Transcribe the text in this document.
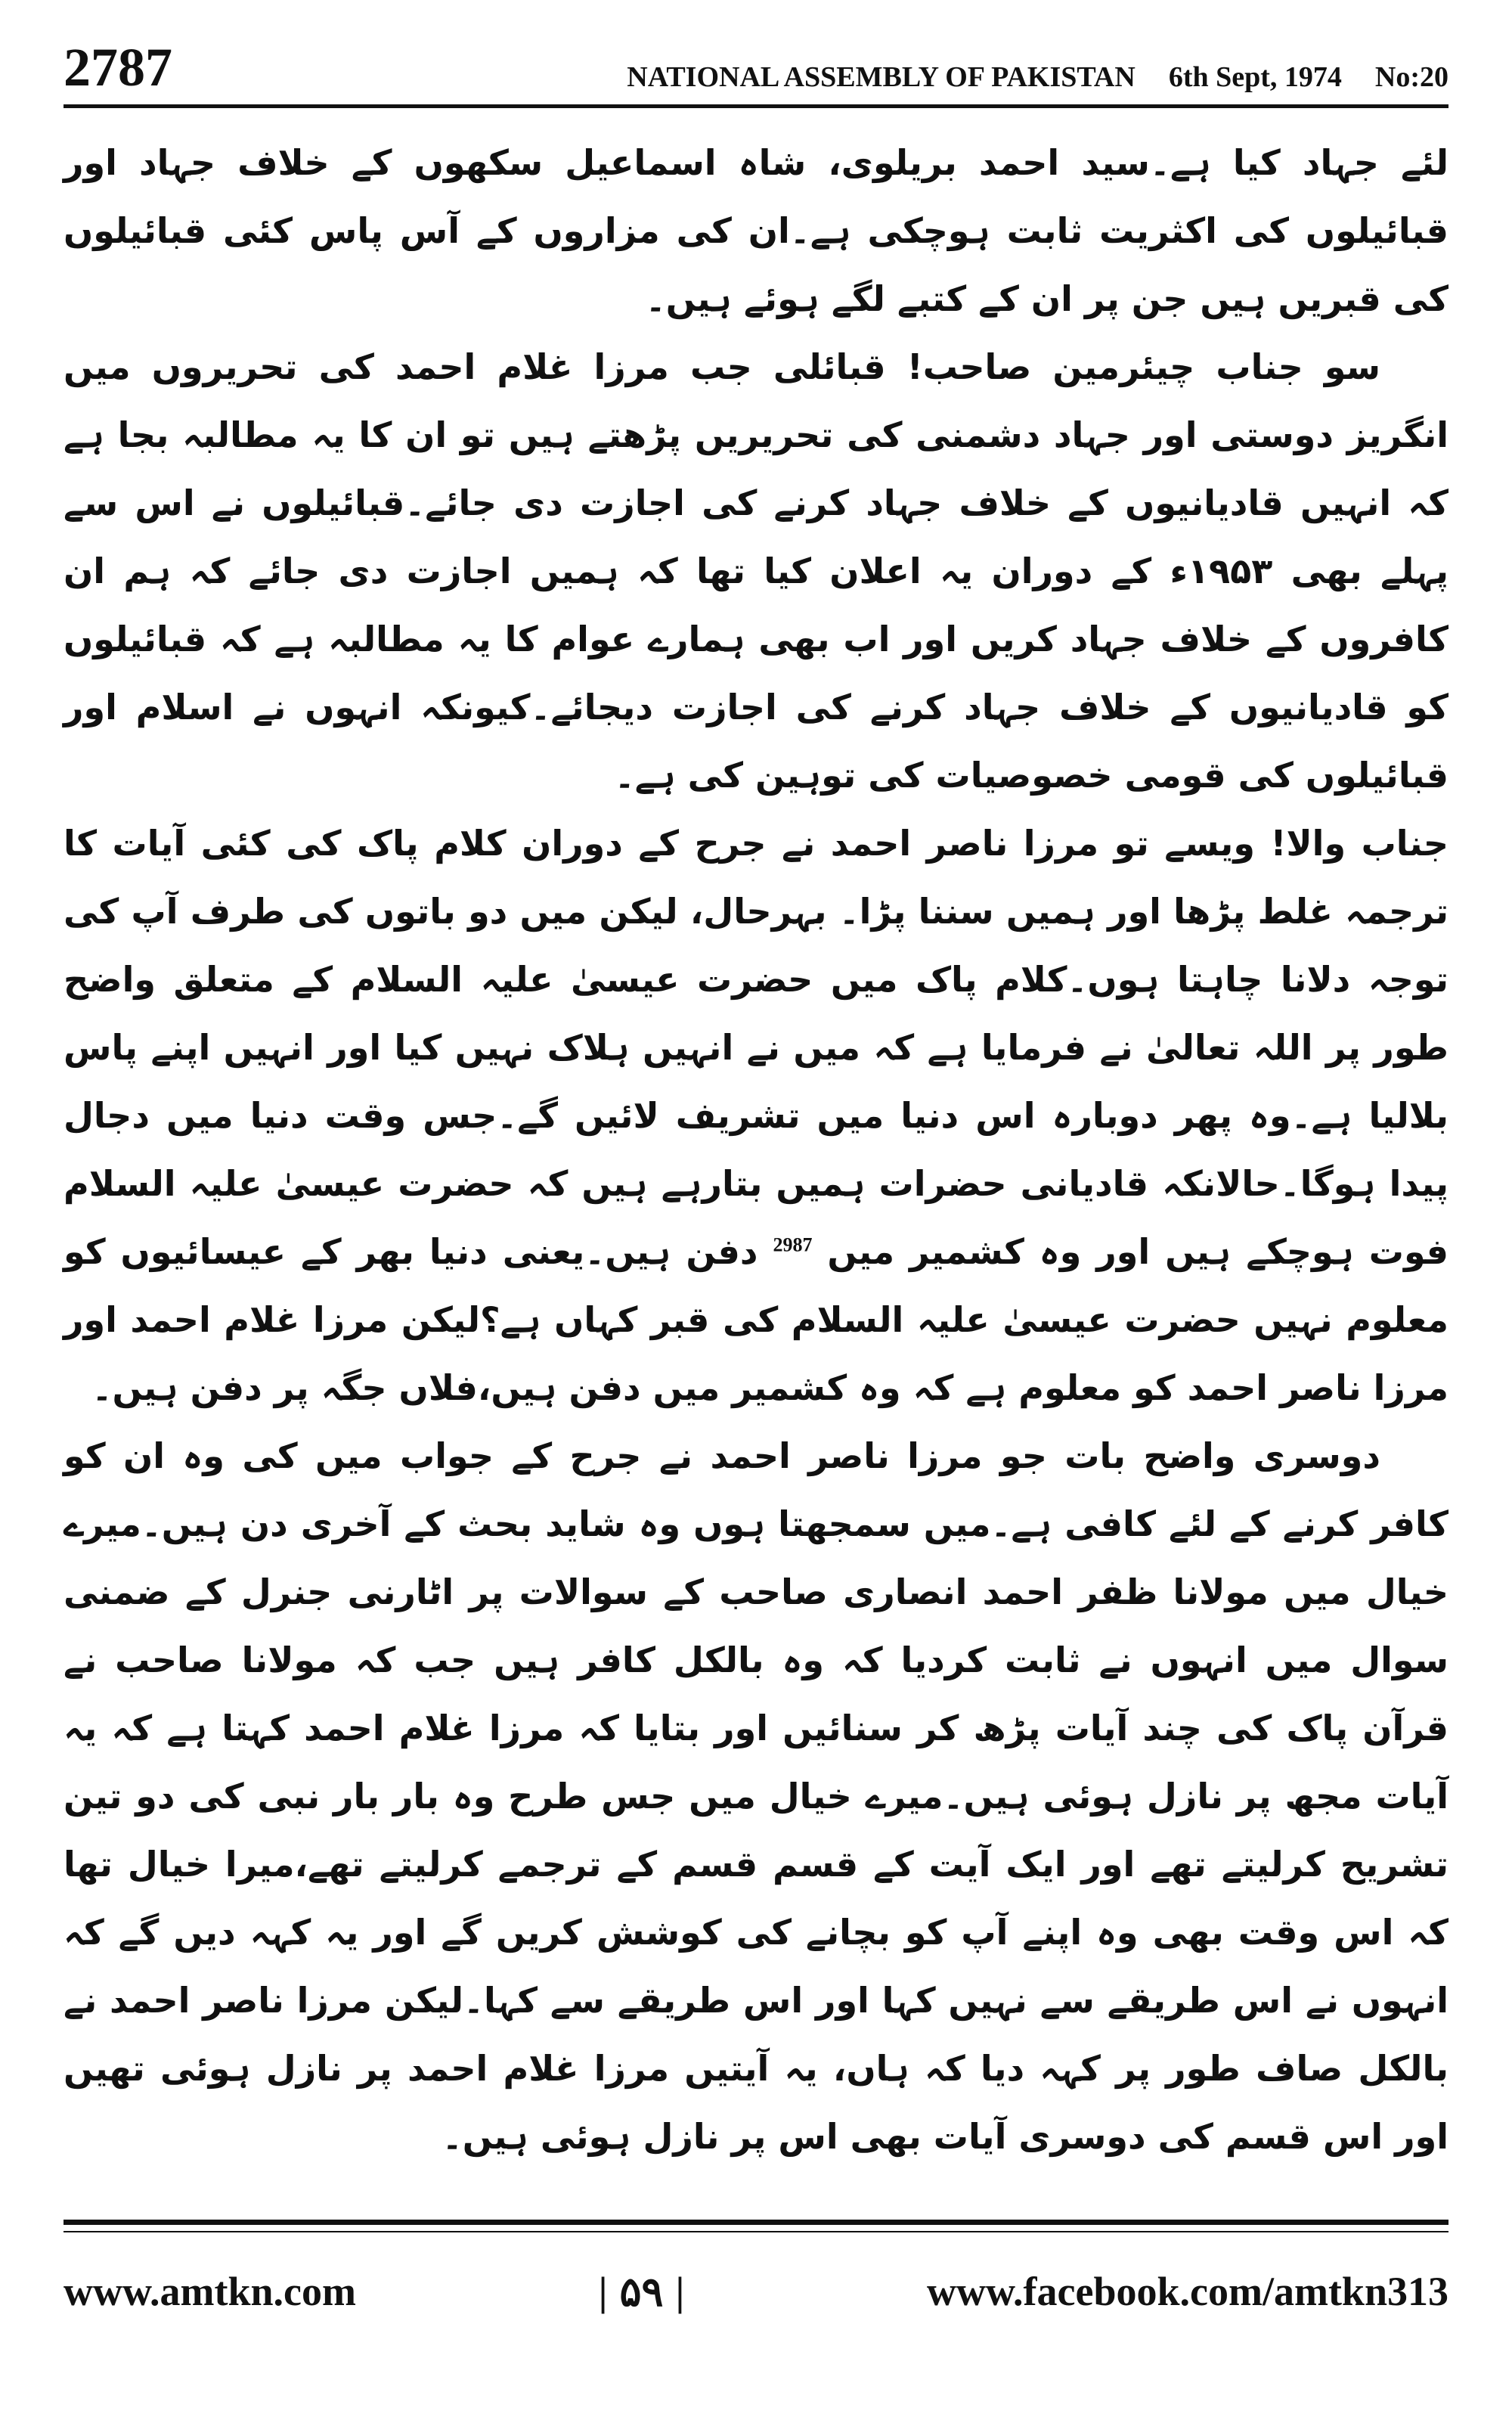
2787	NATIONAL ASSEMBLY OF PAKISTAN 6th Sept, 1974 No:20

لئے جہاد کیا ہے۔سید احمد بریلوی، شاہ اسماعیل سکھوں کے خلاف جہاد اور قبائیلوں کی اکثریت ثابت ہوچکی ہے۔ان کی مزاروں کے آس پاس کئی قبائیلوں کی قبریں ہیں جن پر ان کے کتبے لگے ہوئے ہیں۔

سو جناب چیئرمین صاحب! قبائلی جب مرزا غلام احمد کی تحریروں میں انگریز دوستی اور جہاد دشمنی کی تحریریں پڑھتے ہیں تو ان کا یہ مطالبہ بجا ہے کہ انہیں قادیانیوں کے خلاف جہاد کرنے کی اجازت دی جائے۔قبائیلوں نے اس سے پہلے بھی ۱۹۵۳ء کے دوران یہ اعلان کیا تھا کہ ہمیں اجازت دی جائے کہ ہم ان کافروں کے خلاف جہاد کریں اور اب بھی ہمارے عوام کا یہ مطالبہ ہے کہ قبائیلوں کو قادیانیوں کے خلاف جہاد کرنے کی اجازت دیجائے۔کیونکہ انہوں نے اسلام اور قبائیلوں کی قومی خصوصیات کی توہین کی ہے۔

جناب والا! ویسے تو مرزا ناصر احمد نے جرح کے دوران کلام پاک کی کئی آیات کا ترجمہ غلط پڑھا اور ہمیں سننا پڑا۔ بہرحال، لیکن میں دو باتوں کی طرف آپ کی توجہ دلانا چاہتا ہوں۔کلام پاک میں حضرت عیسیٰ علیہ السلام کے متعلق واضح طور پر اللہ تعالیٰ نے فرمایا ہے کہ میں نے انہیں ہلاک نہیں کیا اور انہیں اپنے پاس بلالیا ہے۔وہ پھر دوبارہ اس دنیا میں تشریف لائیں گے۔جس وقت دنیا میں دجال پیدا ہوگا۔حالانکہ قادیانی حضرات ہمیں بتارہے ہیں کہ حضرت عیسیٰ علیہ السلام فوت ہوچکے ہیں اور وہ کشمیر میں $^{2987}$ دفن ہیں۔یعنی دنیا بھر کے عیسائیوں کو معلوم نہیں حضرت عیسیٰ علیہ السلام کی قبر کہاں ہے؟لیکن مرزا غلام احمد اور مرزا ناصر احمد کو معلوم ہے کہ وہ کشمیر میں دفن ہیں،فلاں جگہ پر دفن ہیں۔

دوسری واضح بات جو مرزا ناصر احمد نے جرح کے جواب میں کی وہ ان کو کافر کرنے کے لئے کافی ہے۔میں سمجھتا ہوں وہ شاید بحث کے آخری دن ہیں۔میرے خیال میں مولانا ظفر احمد انصاری صاحب کے سوالات پر اٹارنی جنرل کے ضمنی سوال میں انہوں نے ثابت کردیا کہ وہ بالکل کافر ہیں جب کہ مولانا صاحب نے قرآن پاک کی چند آیات پڑھ کر سنائیں اور بتایا کہ مرزا غلام احمد کہتا ہے کہ یہ آیات مجھ پر نازل ہوئی ہیں۔میرے خیال میں جس طرح وہ بار بار نبی کی دو تین تشریح کرلیتے تھے اور ایک آیت کے قسم قسم کے ترجمے کرلیتے تھے،میرا خیال تھا کہ اس وقت بھی وہ اپنے آپ کو بچانے کی کوشش کریں گے اور یہ کہہ دیں گے کہ انہوں نے اس طریقے سے نہیں کہا اور اس طریقے سے کہا۔لیکن مرزا ناصر احمد نے بالکل صاف طور پر کہہ دیا کہ ہاں، یہ آیتیں مرزا غلام احمد پر نازل ہوئی تھیں اور اس قسم کی دوسری آیات بھی اس پر نازل ہوئی ہیں۔

www.amtkn.com	| ۵۹ |	www.facebook.com/amtkn313
